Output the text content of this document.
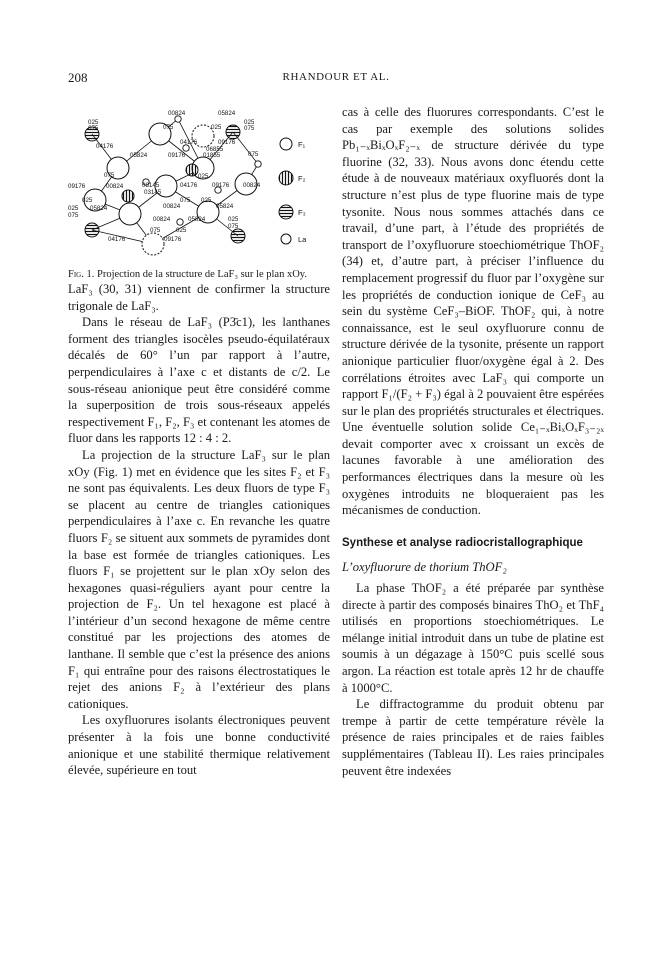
208	RHANDOUR ET AL.
00824	05824
025
075
025
075
075	025
04176
04176	09176
06855
01855
05824	09176	075
075	025
09176	00824	08145
03145
04176 09176 00824
025	075 025
00824	05824
025 05824
075
00824	05824	025
075
075	025
04176	09176
F₁
F₂
F₃
La

Fig. 1. Projection de la structure de LaF₃ sur le plan xOy.

LaF₃ (30, 31) viennent de confirmer la structure trigonale de LaF₃.

Dans le réseau de LaF₃ (P3̄c1), les lanthanes forment des triangles isocèles pseudo-équilatéraux décalés de 60° l’un par rapport à l’autre, perpendiculaires à l’axe c et distants de c/2. Le sous-réseau anionique peut être considéré comme la superposition de trois sous-réseaux appelés respectivement F₁, F₂, F₃ et contenant les atomes de fluor dans les rapports 12 : 4 : 2.

La projection de la structure LaF₃ sur le plan xOy (Fig. 1) met en évidence que les sites F₂ et F₃ ne sont pas équivalents. Les deux fluors de type F₃ se placent au centre de triangles cationiques perpendiculaires à l’axe c. En revanche les quatre fluors F₂ se situent aux sommets de pyramides dont la base est formée de triangles cationiques. Les fluors F₁ se projettent sur le plan xOy selon des hexagones quasi-réguliers ayant pour centre la projection de F₂. Un tel hexagone est placé à l’intérieur d’un second hexagone de même centre constitué par les projections des atomes de lanthane. Il semble que c’est la présence des anions F₁ qui entraîne pour des raisons électrostatiques le rejet des anions F₂ à l’extérieur des plans cationiques.

Les oxyfluorures isolants électroniques peuvent présenter à la fois une bonne conductivité anionique et une stabilité thermique relativement élevée, supérieure en tout

cas à celle des fluorures correspondants. C’est le cas par exemple des solutions solides Pb₁₋ₓBiₓOₓF₂₋ₓ de structure dérivée du type fluorine (32, 33). Nous avons donc étendu cette étude à de nouveaux matériaux oxyfluorés dont la structure n’est plus de type fluorine mais de type tysonite. Nous nous sommes attachés dans ce travail, d’une part, à l’étude des propriétés de transport de l’oxyfluorure stoechiométrique ThOF₂ (34) et, d’autre part, à préciser l’influence du remplacement progressif du fluor par l’oxygène sur les propriétés de conduction ionique de CeF₃ au sein du système CeF₃–BiOF. ThOF₂ qui, à notre connaissance, est le seul oxyfluorure connu de structure dérivée de la tysonite, présente un rapport anionique particulier fluor/oxygène égal à 2. Des corrélations étroites avec LaF₃ qui comporte un rapport F₁/(F₂ + F₃) égal à 2 pouvaient être espérées sur le plan des propriétés structurales et électriques. Une éventuelle solution solide Ce₁₋ₓBiₓOₓF₃₋₂ₓ devait comporter avec x croissant un excès de lacunes favorable à une amélioration des performances électriques dans la mesure où les oxygènes introduits ne bloqueraient pas les mécanismes de conduction.

Synthese et analyse radiocristallographique
L’oxyfluorure de thorium ThOF₂

La phase ThOF₂ a été préparée par synthèse directe à partir des composés binaires ThO₂ et ThF₄ utilisés en proportions stoechiométriques. Le mélange initial introduit dans un tube de platine est soumis à un dégazage à 150°C puis scellé sous argon. La réaction est totale après 12 hr de chauffe à 1000°C.

Le diffractogramme du produit obtenu par trempe à partir de cette température révèle la présence de raies principales et de raies faibles supplémentaires (Tableau II). Les raies principales peuvent être indexées
